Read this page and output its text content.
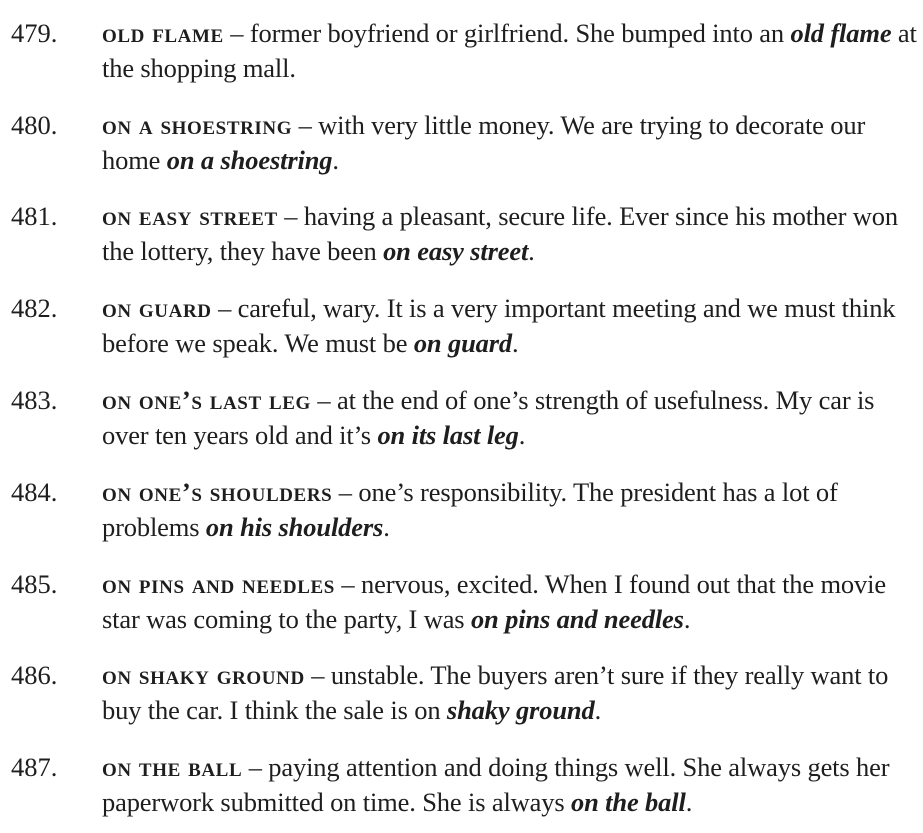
479. old flame – former boyfriend or girlfriend. She bumped into an old flame at the shopping mall.
480. on a shoestring – with very little money. We are trying to decorate our home on a shoestring.
481. on easy street – having a pleasant, secure life. Ever since his mother won the lottery, they have been on easy street.
482. on guard – careful, wary. It is a very important meeting and we must think before we speak. We must be on guard.
483. on one’s last leg – at the end of one’s strength of usefulness. My car is over ten years old and it’s on its last leg.
484. on one’s shoulders – one’s responsibility. The president has a lot of problems on his shoulders.
485. on pins and needles – nervous, excited. When I found out that the movie star was coming to the party, I was on pins and needles.
486. on shaky ground – unstable. The buyers aren’t sure if they really want to buy the car. I think the sale is on shaky ground.
487. on the ball – paying attention and doing things well. She always gets her paperwork submitted on time. She is always on the ball.
